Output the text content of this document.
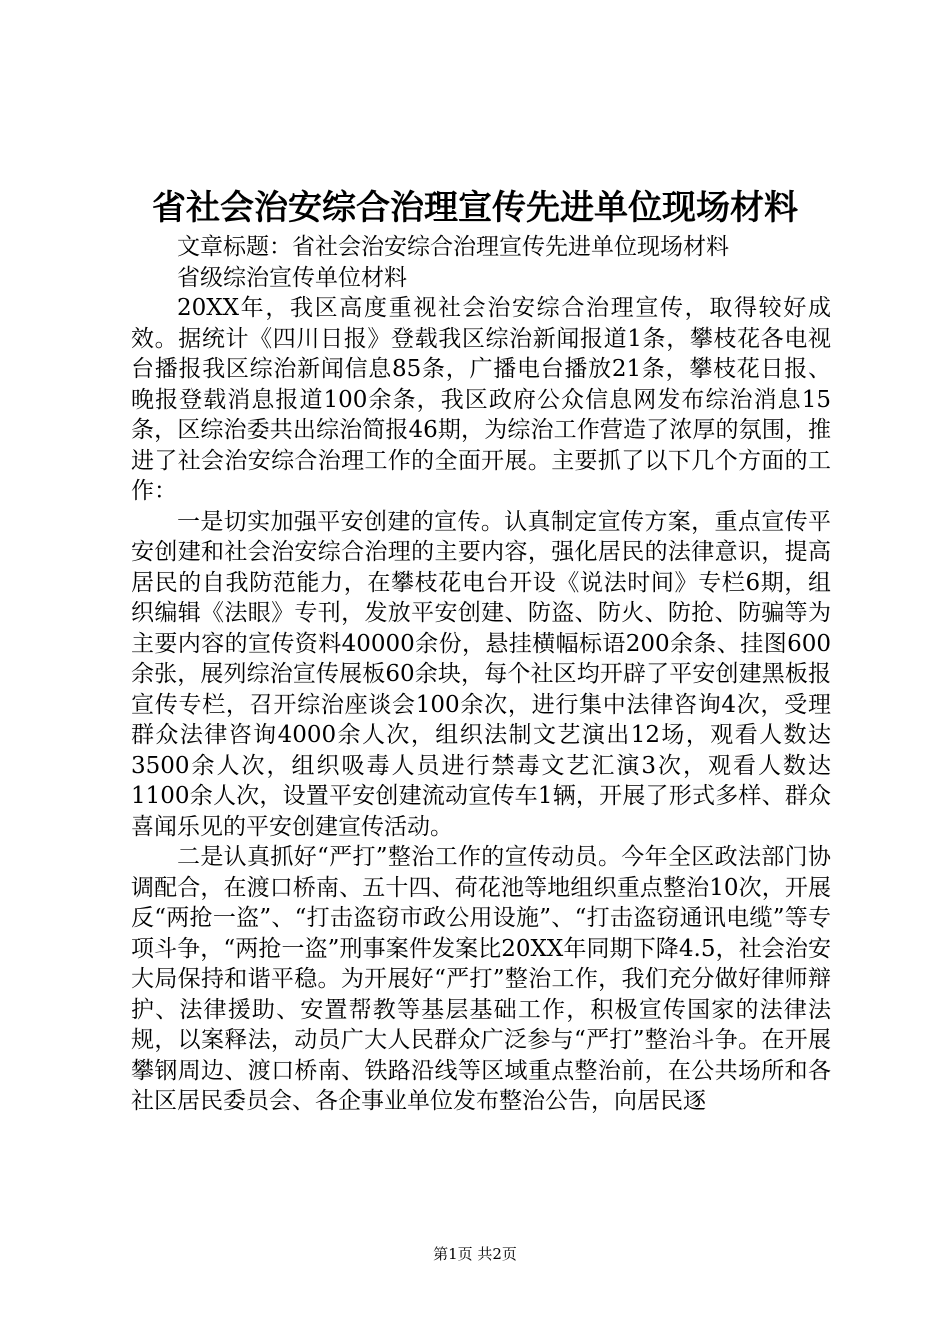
省社会治安综合治理宣传先进单位现场材料

文章标题：省社会治安综合治理宣传先进单位现场材料

省级综治宣传单位材料

20XX年，我区高度重视社会治安综合治理宣传，取得较好成效。据统计《四川日报》登载我区综治新闻报道1条，攀枝花各电视台播报我区综治新闻信息85条，广播电台播放21条，攀枝花日报、晚报登载消息报道100余条，我区政府公众信息网发布综治消息15条，区综治委共出综治简报46期，为综治工作营造了浓厚的氛围，推进了社会治安综合治理工作的全面开展。主要抓了以下几个方面的工作：

一是切实加强平安创建的宣传。认真制定宣传方案，重点宣传平安创建和社会治安综合治理的主要内容，强化居民的法律意识，提高居民的自我防范能力，在攀枝花电台开设《说法时间》专栏6期，组织编辑《法眼》专刊，发放平安创建、防盗、防火、防抢、防骗等为主要内容的宣传资料40000余份，悬挂横幅标语200余条、挂图600余张，展列综治宣传展板60余块，每个社区均开辟了平安创建黑板报宣传专栏，召开综治座谈会100余次，进行集中法律咨询4次，受理群众法律咨询4000余人次，组织法制文艺演出12场，观看人数达3500余人次，组织吸毒人员进行禁毒文艺汇演3次，观看人数达1100余人次，设置平安创建流动宣传车1辆，开展了形式多样、群众喜闻乐见的平安创建宣传活动。

二是认真抓好“严打”整治工作的宣传动员。今年全区政法部门协调配合，在渡口桥南、五十四、荷花池等地组织重点整治10次，开展反“两抢一盗”、“打击盗窃市政公用设施”、“打击盗窃通讯电缆”等专项斗争，“两抢一盗”刑事案件发案比20XX年同期下降4.5，社会治安大局保持和谐平稳。为开展好“严打”整治工作，我们充分做好律师辩护、法律援助、安置帮教等基层基础工作，积极宣传国家的法律法规，以案释法，动员广大人民群众广泛参与“严打”整治斗争。在开展攀钢周边、渡口桥南、铁路沿线等区域重点整治前，在公共场所和各社区居民委员会、各企事业单位发布整治公告，向居民逐

第1页 共2页
